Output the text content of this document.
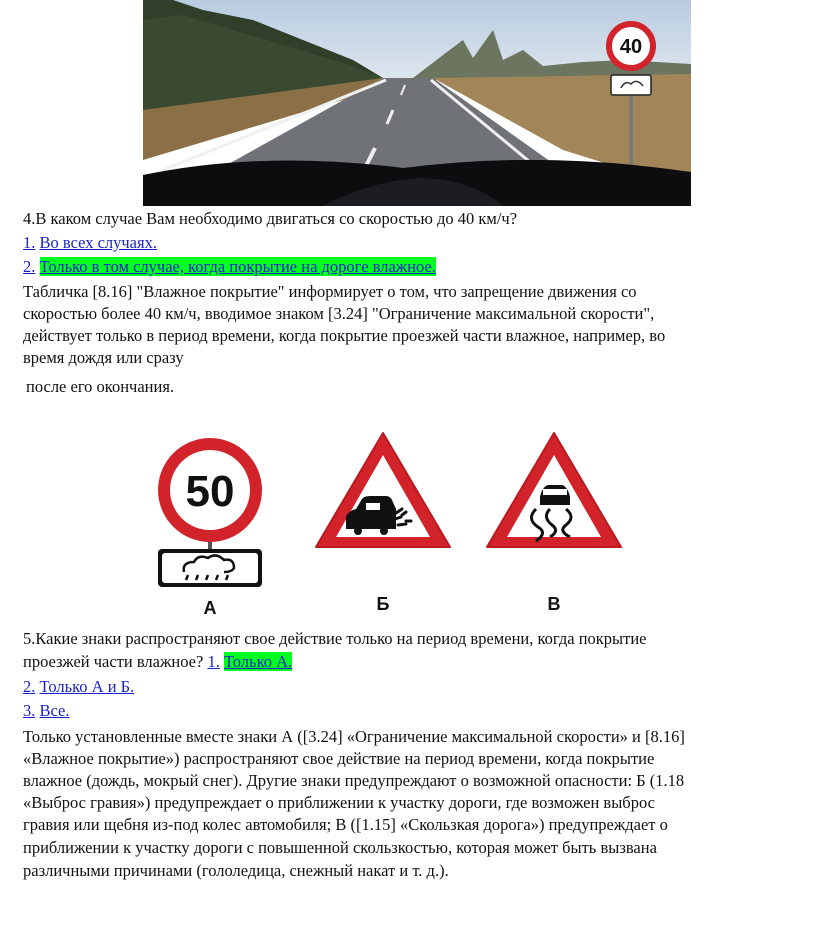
40
4.В каком случае Вам необходимо двигаться со скоростью до 40 км/ч?
1. Во всех случаях.
2. Только в том случае, когда покрытие на дороге влажное.
Табличка [8.16] "Влажное покрытие" информирует о том, что запрещение движения со
скоростью более 40 км/ч, вводимое знаком [3.24] "Ограничение максимальной скорости",
действует только в период времени, когда покрытие проезжей части влажное, например, во
время дождя или сразу
после его окончания.
50
А	Б	В
5.Какие знаки распространяют свое действие только на период времени, когда покрытие
проезжей части влажное? 1. Только А.
2. Только А и Б.
3. Все.
Только установленные вместе знаки А ([3.24] «Ограничение максимальной скорости» и [8.16]
«Влажное покрытие») распространяют свое действие на период времени, когда покрытие
влажное (дождь, мокрый снег). Другие знаки предупреждают о возможной опасности: Б (1.18
«Выброс гравия») предупреждает о приближении к участку дороги, где возможен выброс
гравия или щебня из-под колес автомобиля; В ([1.15] «Скользкая дорога») предупреждает о
приближении к участку дороги с повышенной скользкостью, которая может быть вызвана
различными причинами (гололедица, снежный накат и т. д.).
